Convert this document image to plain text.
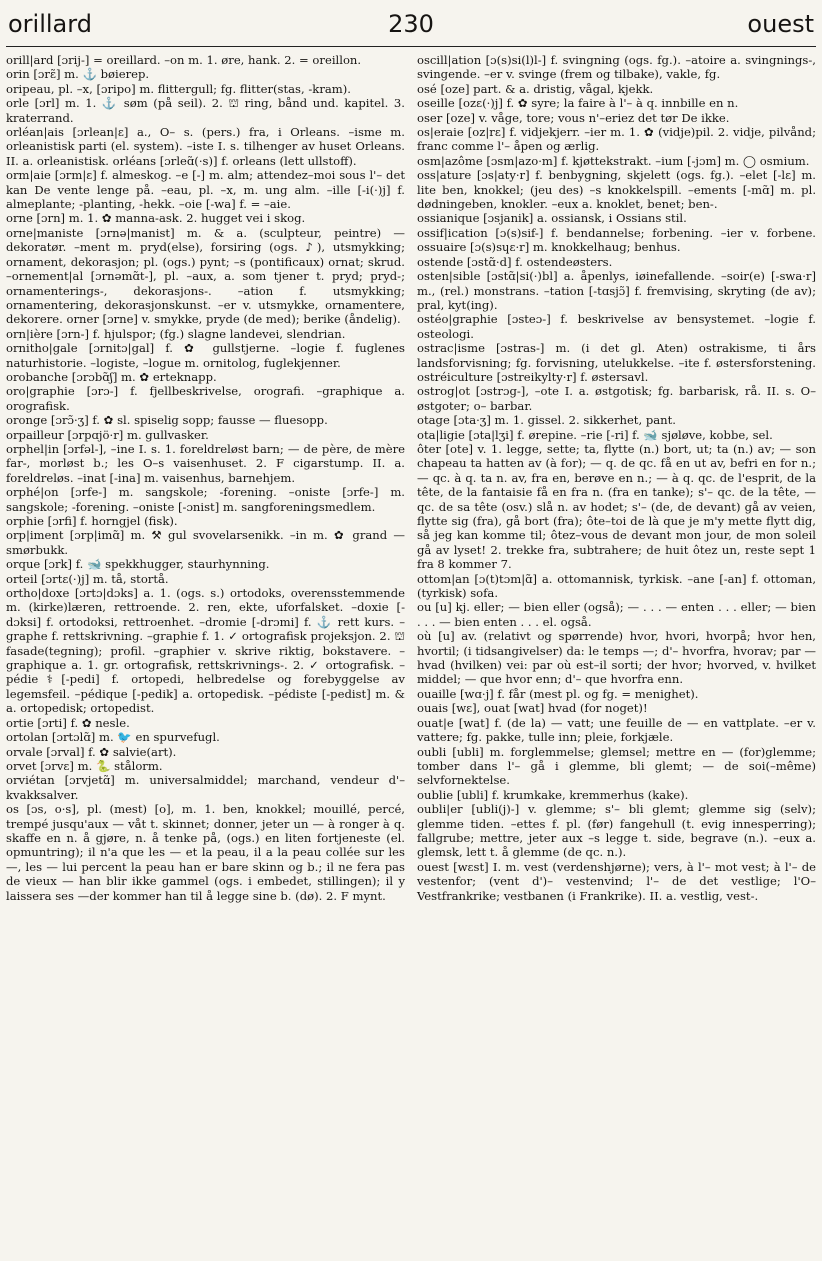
orillard	230	ouest

orill|ard [ɔrij-] = oreillard. –on m. 1. øre, hank. 2. = oreillon.

orin [ɔrɛ̃] m. ⚓ bøierep.

oripeau, pl. –x, [ɔripo] m. flittergull; fg. flitter(stas, -kram).

orle [ɔrl] m. 1. ⚓ søm (på seil). 2. ⛫ ring, bånd und. kapitel. 3. kraterrand.

orléan|ais [ɔrlean|ɛ] a., O– s. (pers.) fra, i Orleans. –isme m. orleanistisk parti (el. system). –iste I. s. tilhenger av huset Orleans. II. a. orleanistisk. orléans [ɔrleɑ̃(·s)] f. orleans (lett ullstoff).

orm|aie [ɔrm|ɛ] f. almeskog. –e [-] m. alm; attendez–moi sous l'– det kan De vente lenge på. –eau, pl. –x, m. ung alm. –ille [-i(·)j] f. almeplante; -planting, -hekk. –oie [-wa] f. = –aie.

orne [ɔrn] m. 1. ✿ manna-ask. 2. hugget vei i skog.

orne|maniste [ɔrnə|manist] m. & a. (sculpteur, peintre) — dekoratør. –ment m. pryd(else), forsiring (ogs. ♪), utsmykking; ornament, dekorasjon; pl. (ogs.) pynt; –s (pontificaux) ornat; skrud. –ornement|al [ɔrnəmɑ̃t-], pl. –aux, a. som tjener t. pryd; pryd-; ornamenterings-, dekorasjons-. –ation f. utsmykking; ornamentering, dekorasjonskunst. –er v. utsmykke, ornamentere, dekorere. orner [ɔrne] v. smykke, pryde (de med); berike (åndelig).

orn|ière [ɔrn-] f. hjulspor; (fg.) slagne landevei, slendrian.

ornitho|gale [ɔrnitɔ|gal] f. ✿ gullstjerne. –logie f. fuglenes naturhistorie. –logiste, –logue m. ornitolog, fuglekjenner.

orobanche [ɔrɔbɑ̃ʃ] m. ✿ erteknapp.

oro|graphie [ɔrɔ-] f. fjellbeskrivelse, orografi. –graphique a. orografisk.

oronge [ɔrɔ̃·ʒ] f. ✿ sl. spiselig sopp; fausse — fluesopp.

orpailleur [ɔrpɑjö·r] m. gullvasker.

orphel|in [ɔrfəl-], –ine I. s. 1. foreldreløst barn; — de père, de mère far-, morløst b.; les O–s vaisenhuset. 2. F cigarstump. II. a. foreldreløs. –inat [-ina] m. vaisenhus, barnehjem.

orphé|on [ɔrfe-] m. sangskole; -forening. –oniste [ɔrfe-] m. sangskole; -forening. –oniste [-ɔnist] m. sangforeningsmedlem.

orphie [ɔrfi] f. horngjel (fisk).

orp|iment [ɔrp|imɑ̃] m. ⚒ gul svovelarsenikk. –in m. ✿ grand — smørbukk.

orque [ɔrk] f. 🐋 spekkhugger, staurhynning.

orteil [ɔrtɛ(·)j] m. tå, stortå.

ortho|doxe [ɔrtɔ|dɔks] a. 1. (ogs. s.) ortodoks, overensstemmende m. (kirke)læren, rettroende. 2. ren, ekte, uforfalsket. –doxie [-dɔksi] f. ortodoksi, rettroenhet. –dromie [-drɔmi] f. ⚓ rett kurs. –graphe f. rettskrivning. –graphie f. 1. ✓ ortografisk projeksjon. 2. ⛫ fasade(tegning); profil. –graphier v. skrive riktig, bokstavere. –graphique a. 1. gr. ortografisk, rettskrivnings-. 2. ✓ ortografisk. –pédie⚕[-pedi] f. ortopedi, helbredelse og forebyggelse av legemsfeil. –pédique [-pedik] a. ortopedisk. –pédiste [-pedist] m. & a. ortopedisk; ortopedist.

ortie [ɔrti] f. ✿ nesle.

ortolan [ɔrtɔlɑ̃] m. 🐦 en spurvefugl.

orvale [ɔrval] f. ✿ salvie(art).

orvet [ɔrvɛ] m. 🐍 stålorm.

orviétan [ɔrvjetɑ̃] m. universalmiddel; marchand, vendeur d'– kvakksalver.

os [ɔs, o·s], pl. (mest) [o], m. 1. ben, knokkel; mouillé, percé, trempé jusqu'aux — våt t. skinnet; donner, jeter un — à ronger à q. skaffe en n. å gjøre, n. å tenke på, (ogs.) en liten fortjeneste (el. opmuntring); il n'a que les — et la peau, il a la peau collée sur les —, les — lui percent la peau han er bare skinn og b.; il ne fera pas de vieux — han blir ikke gammel (ogs. i embedet, stillingen); il y laissera ses —der kommer han til å legge sine b. (dø). 2. F mynt.

oscill|ation [ɔ(s)si(l)l-] f. svingning (ogs. fg.). –atoire a. svingnings-, svingende. –er v. svinge (frem og tilbake), vakle, fg.

osé [oze] part. & a. dristig, vågal, kjekk.

oseille [ozɛ(·)j] f. ✿ syre; la faire à l'– à q. innbille en n.

oser [oze] v. våge, tore; vous n'–eriez det tør De ikke.

os|eraie [oz|rɛ] f. vidjekjerr. –ier m. 1. ✿ (vidje)pil. 2. vidje, pilvånd; franc comme l'– åpen og ærlig.

osm|azôme [ɔsm|azo·m] f. kjøttekstrakt. –ium [-jɔm] m. ◯ osmium.

oss|ature [ɔs|aty·r] f. benbygning, skjelett (ogs. fg.). –elet [-lɛ] m. lite ben, knokkel; (jeu des) –s knokkelspill. –ements [-mɑ̃] m. pl. dødningeben, knokler. –eux a. knoklet, benet; ben-.

ossianique [ɔsjanik] a. ossiansk, i Ossians stil.

ossif|ication [ɔ(s)sif-] f. bendannelse; forbening. –ier v. forbene. ossuaire [ɔ(s)sɥɛ·r] m. knokkelhaug; benhus.

ostende [ɔstɑ̃·d] f. ostendeøsters.

osten|sible [ɔstɑ̃|si(·)bl] a. åpenlys, iøinefallende. –soir(e) [-swa·r] m., (rel.) monstrans. –tation [-tɑsjɔ̃] f. fremvising, skryting (de av); pral, kyt(ing).

ostéo|graphie [ɔsteɔ-] f. beskrivelse av bensystemet. –logie f. osteologi.

ostrac|isme [ɔstras-] m. (i det gl. Aten) ostrakisme, ti års landsforvisning; fg. forvisning, utelukkelse. –ite f. østersforstening. ostréiculture [ɔstreikylty·r] f. østersavl.

ostrog|ot [ɔstrɔg-], –ote I. a. østgotisk; fg. barbarisk, rå. II. s. O– østgoter; o– barbar.

otage [ɔta·ʒ] m. 1. gissel. 2. sikkerhet, pant.

ota|ligie [ɔta|lʒi] f. ørepine. –rie [-ri] f. 🐋 sjøløve, kobbe, sel.

ôter [ote] v. 1. legge, sette; ta, flytte (n.) bort, ut; ta (n.) av; — son chapeau ta hatten av (à for); — q. de qc. få en ut av, befri en for n.; — qc. à q. ta n. av, fra en, berøve en n.; — à q. qc. de l'esprit, de la tête, de la fantaisie få en fra n. (fra en tanke); s'– qc. de la tête, — qc. de sa tête (osv.) slå n. av hodet; s'– (de, de devant) gå av veien, flytte sig (fra), gå bort (fra); ôte–toi de là que je m'y mette flytt dig, så jeg kan komme til; ôtez–vous de devant mon jour, de mon soleil gå av lyset! 2. trekke fra, subtrahere; de huit ôtez un, reste sept 1 fra 8 kommer 7.

ottom|an [ɔ(t)tɔm|ɑ̃] a. ottomannisk, tyrkisk. –ane [-an] f. ottoman, (tyrkisk) sofa.

ou [u] kj. eller; — bien eller (også); — . . . — enten . . . eller; — bien . . . — bien enten . . . el. også.

où [u] av. (relativt og spørrende) hvor, hvori, hvorpå; hvor hen, hvortil; (i tidsangivelser) da: le temps —; d'– hvorfra, hvorav; par — hvad (hvilken) vei: par où est–il sorti; der hvor; hvorved, v. hvilket middel; — que hvor enn; d'– que hvorfra enn.

ouaille [wɑ·j] f. får (mest pl. og fg. = menighet).

ouais [wɛ], ouat [wat] hvad (for noget)!

ouat|e [wat] f. (de la) — vatt; une feuille de — en vattplate. –er v. vattere; fg. pakke, tulle inn; pleie, forkjæle.

oubli [ubli] m. forglemmelse; glemsel; mettre en — (for)glemme; tomber dans l'– gå i glemme, bli glemt; — de soi(–même) selvfornektelse.

oublie [ubli] f. krumkake, kremmerhus (kake).

oubli|er [ubli(j)-] v. glemme; s'– bli glemt; glemme sig (selv); glemme tiden. –ettes f. pl. (før) fangehull (t. evig innesperring); fallgrube; mettre, jeter aux –s legge t. side, begrave (n.). –eux a. glemsk, lett t. å glemme (de qc. n.).

ouest [wɛst] I. m. vest (verdenshjørne); vers, à l'– mot vest; à l'– de vestenfor; (vent d')– vestenvind; l'– de det vestlige; l'O– Vestfrankrike; vestbanen (i Frankrike). II. a. vestlig, vest-.
